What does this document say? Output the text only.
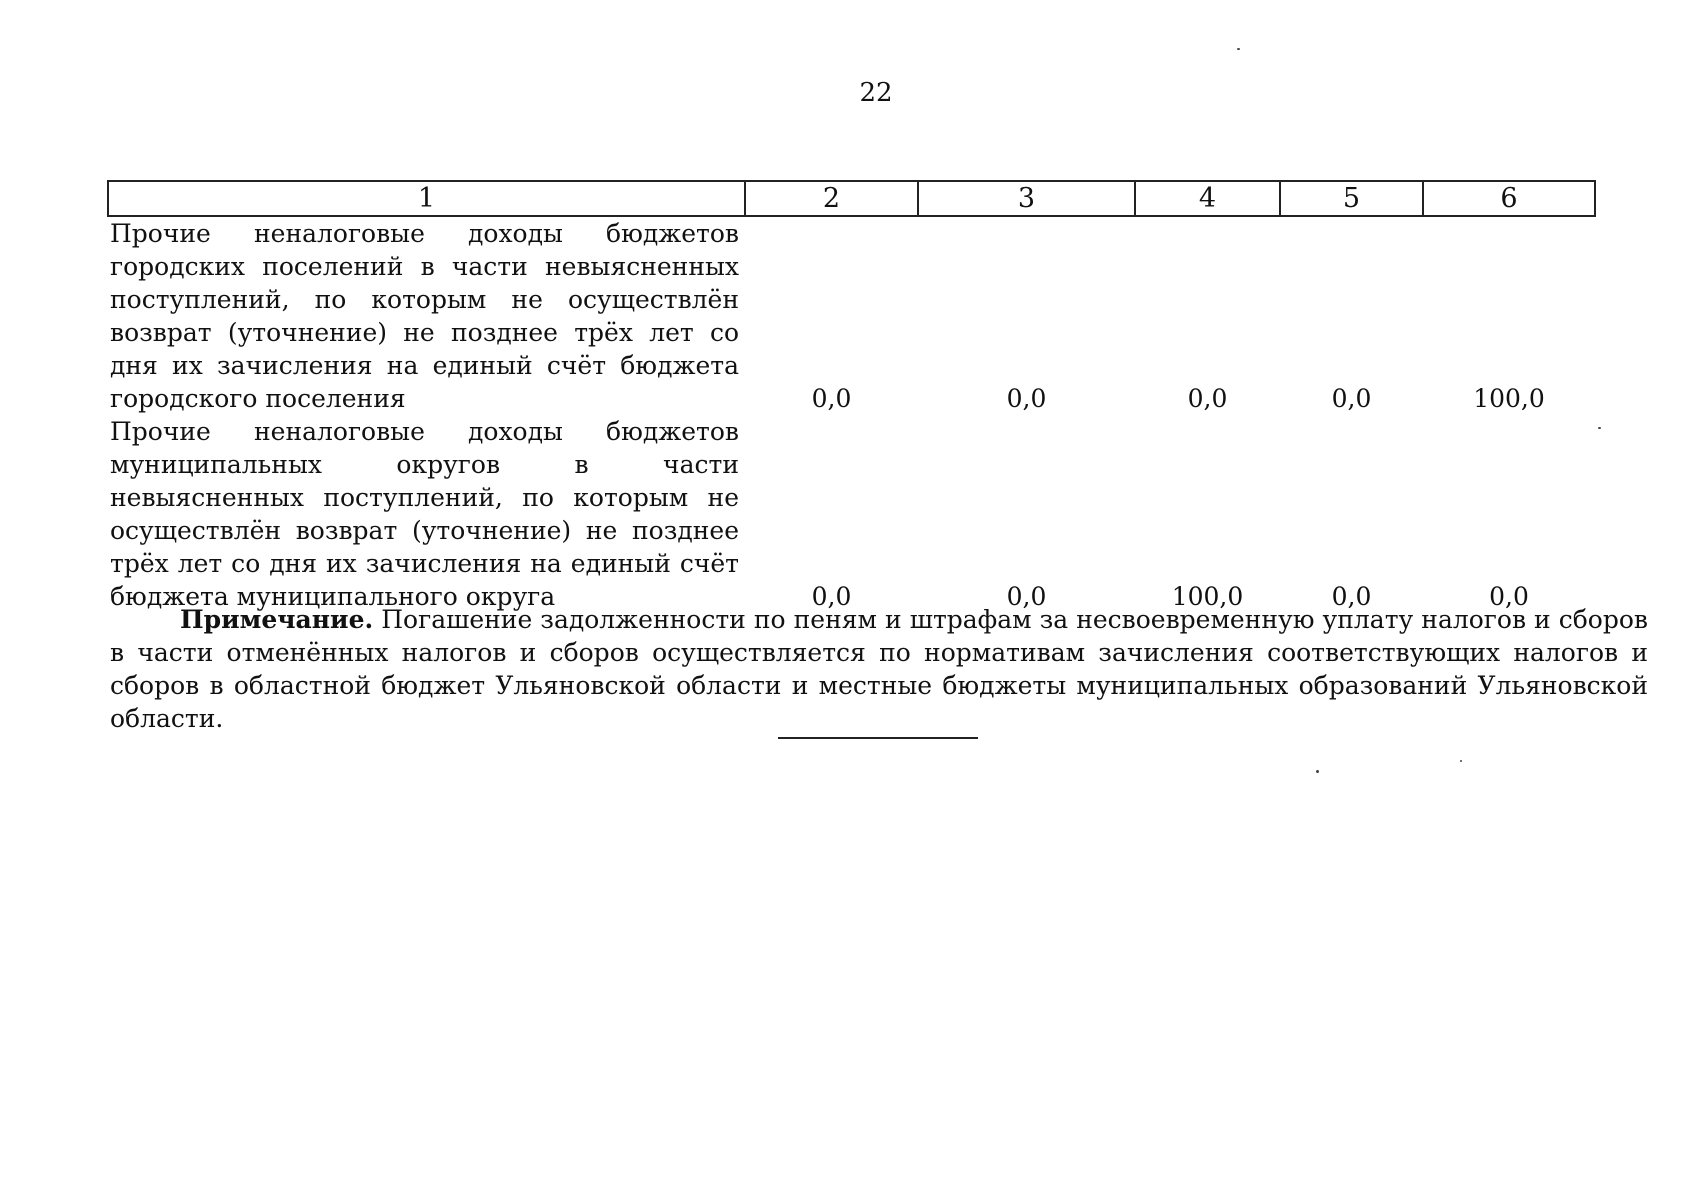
22
1	2	3	4	5	6
Прочие неналоговые доходы бюджетов городских поселений в части невыясненных поступлений, по которым не осуществлён возврат (уточнение) не позднее трёх лет со дня их зачисления на единый счёт бюджета городского поселения	0,0	0,0	0,0	0,0	100,0
Прочие неналоговые доходы бюджетов муниципальных округов в части невыясненных поступлений, по которым не осуществлён возврат (уточнение) не позднее трёх лет со дня их зачисления на единый счёт бюджета муниципального округа	0,0	0,0	100,0	0,0	0,0

Примечание. Погашение задолженности по пеням и штрафам за несвоевременную уплату налогов и сборов в части отменённых налогов и сборов осуществляется по нормативам зачисления соответствующих налогов и сборов в областной бюджет Ульяновской области и местные бюджеты муниципальных образований Ульяновской области.
